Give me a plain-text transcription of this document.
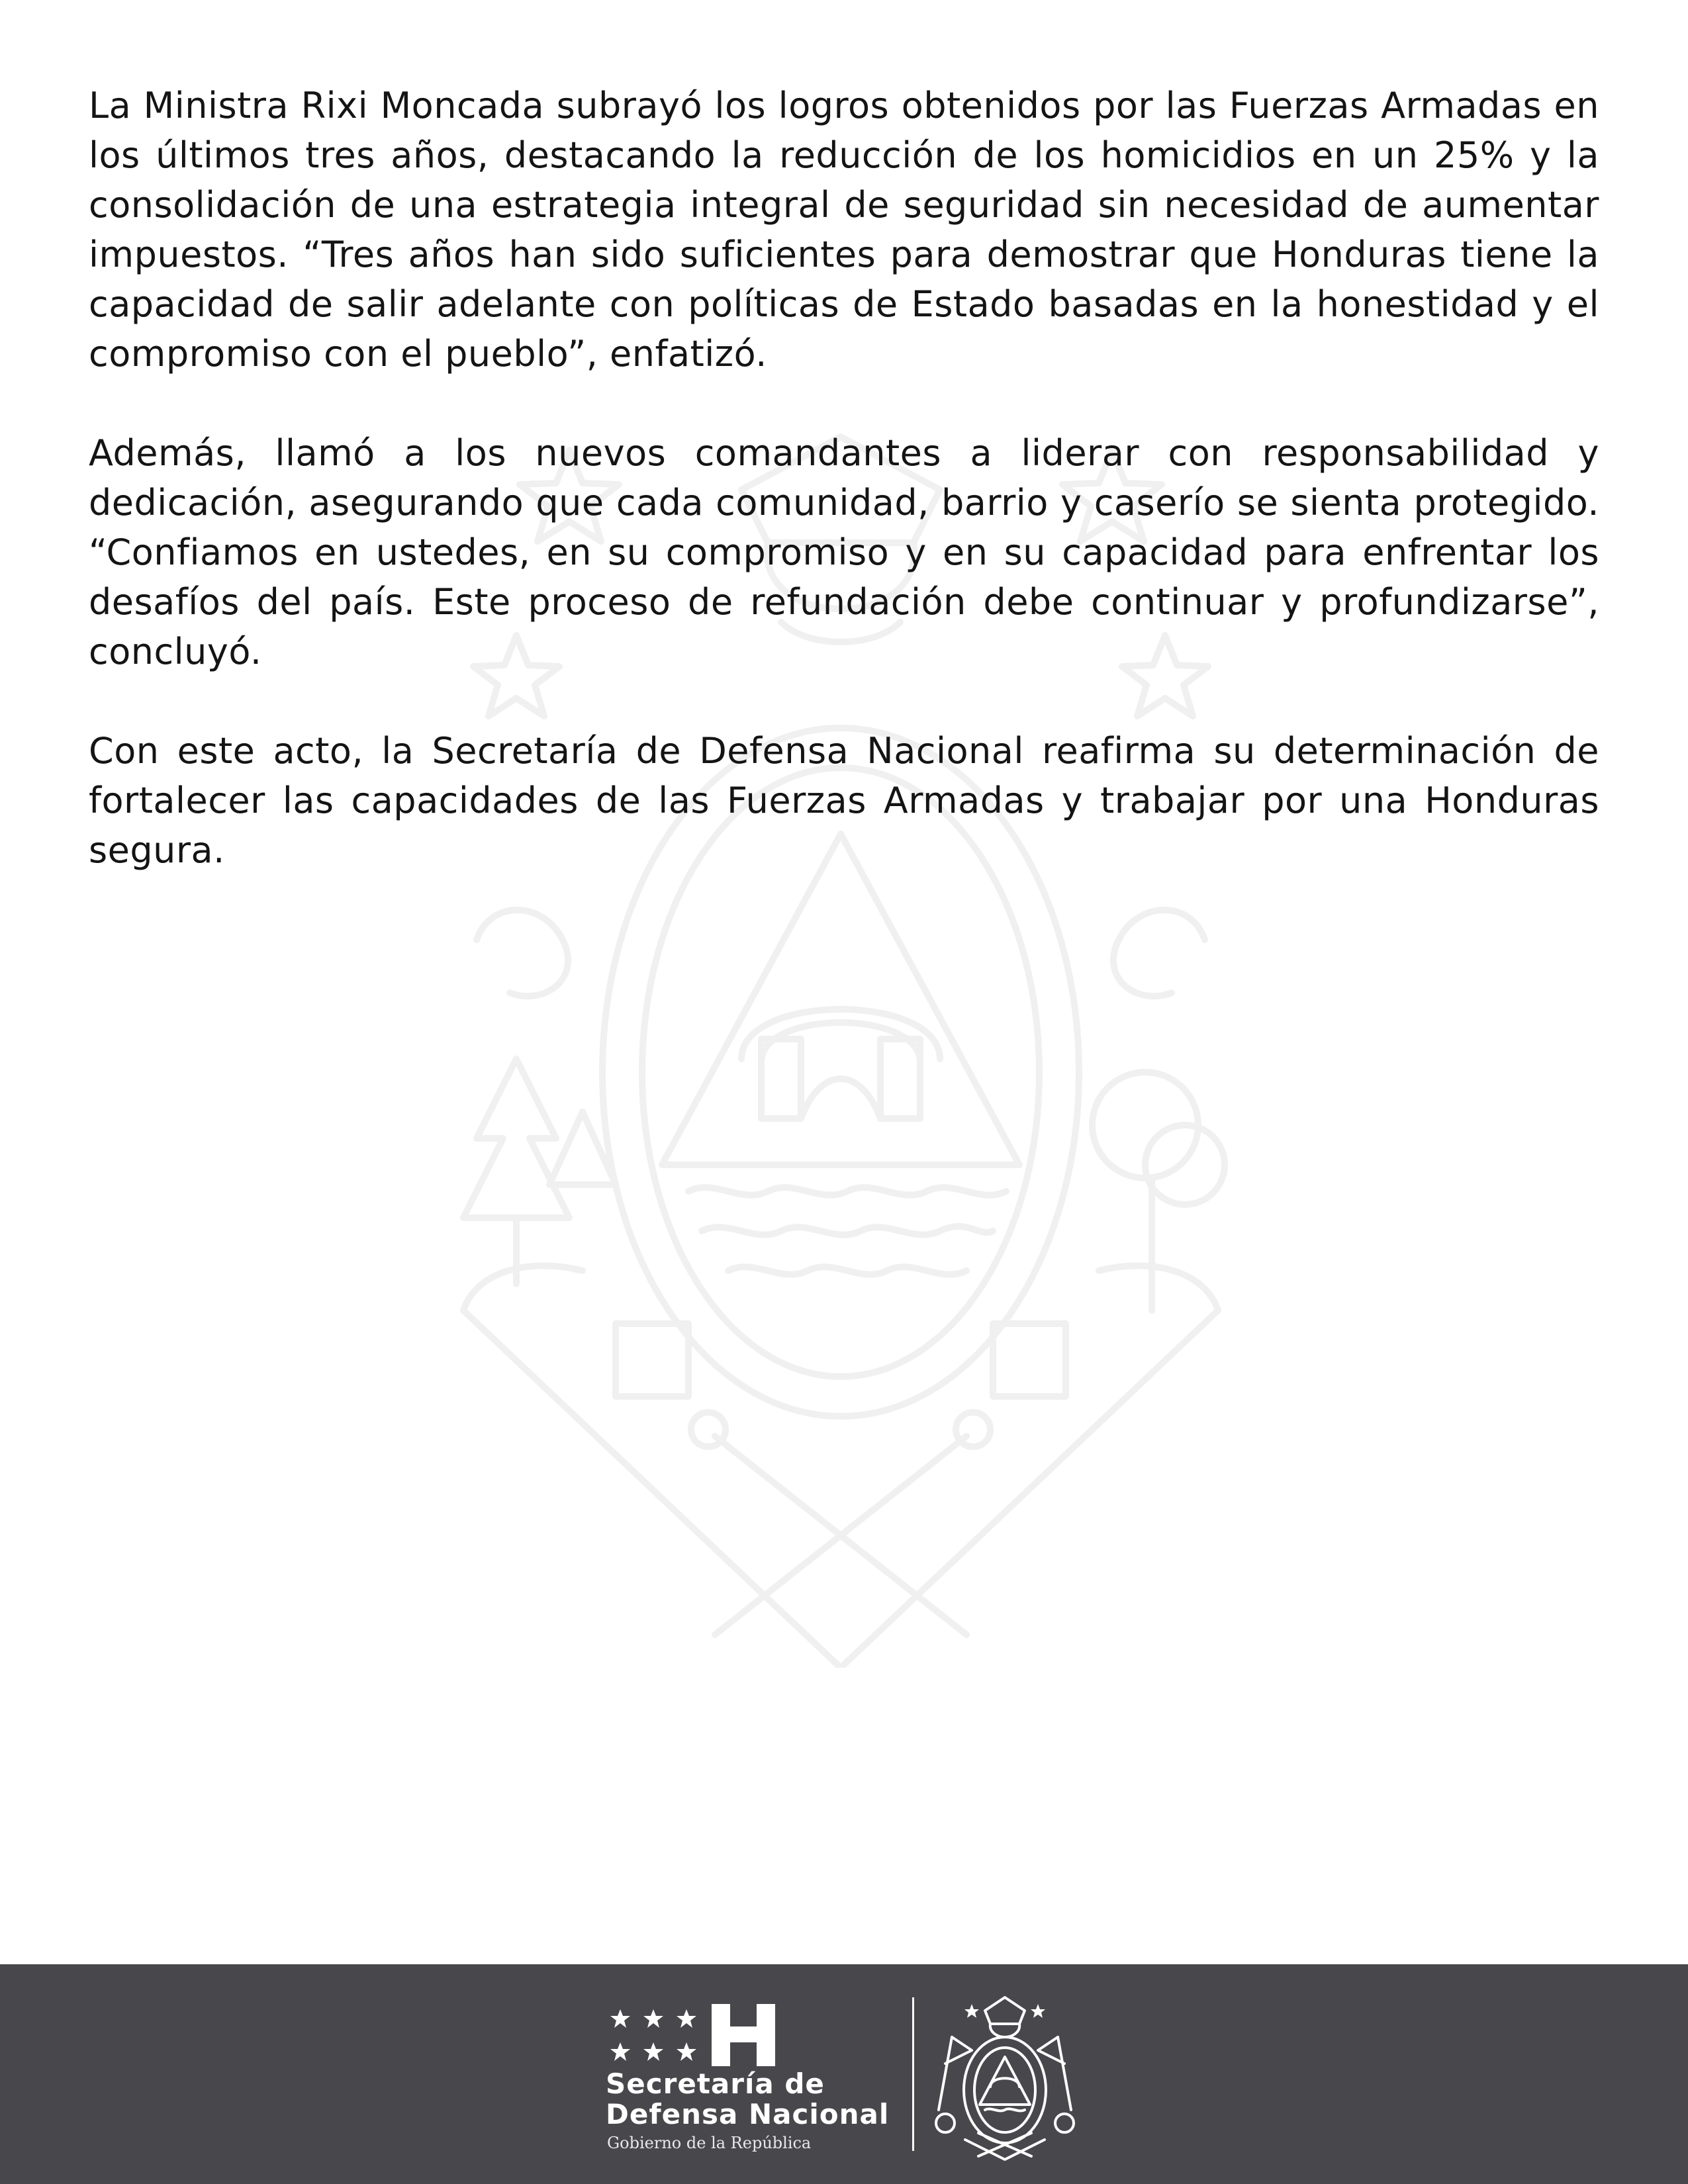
La Ministra Rixi Moncada subrayó los logros obtenidos por las Fuerzas Armadas en los últimos tres años, destacando la reducción de los homicidios en un 25% y la consolidación de una estrategia integral de seguridad sin necesidad de aumentar impuestos. “Tres años han sido suficientes para demostrar que Honduras tiene la capacidad de salir adelante con políticas de Estado basadas en la honestidad y el compromiso con el pueblo”, enfatizó.

Además, llamó a los nuevos comandantes a liderar con responsabilidad y dedicación, asegurando que cada comunidad, barrio y caserío se sienta protegido. “Confiamos en ustedes, en su compromiso y en su capacidad para enfrentar los desafíos del país. Este proceso de refundación debe continuar y profundizarse”, concluyó.

Con este acto, la Secretaría de Defensa Nacional reafirma su determinación de fortalecer las capacidades de las Fuerzas Armadas y trabajar por una Honduras segura.

Secretaría de
Defensa Nacional
Gobierno de la República
